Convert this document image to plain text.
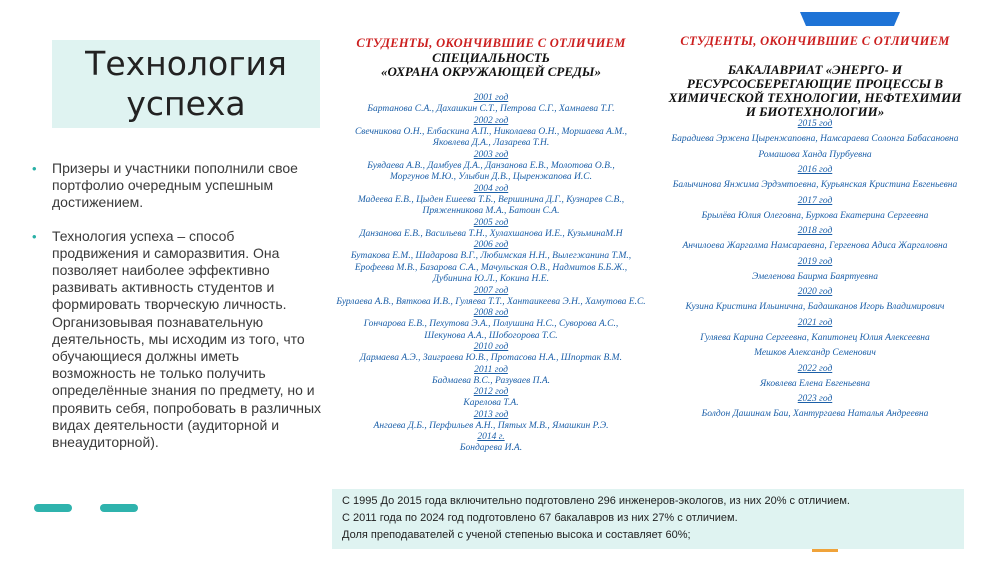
Технология
успеха
•	Призеры и участники пополнили свое портфолио очередным успешным достижением.
•	Технология успеха – способ продвижения и саморазвития. Она позволяет наиболее эффективно развивать активность студентов и формировать творческую личность. Организовывая познавательную деятельность, мы исходим из того, что обучающиеся должны иметь возможность не только получить определённые знания по предмету, но и проявить себя, попробовать в различных видах деятельности (аудиторной и внеаудиторной).
СТУДЕНТЫ, ОКОНЧИВШИЕ С ОТЛИЧИЕМ
СПЕЦИАЛЬНОСТЬ
«ОХРАНА ОКРУЖАЮЩЕЙ СРЕДЫ»
2001 год
Бартанова С.А., Дахашкин С.Т., Петрова С.Г., Хамнаева Т.Г.
2002 год
Свечникова О.Н., Елбаскина А.П., Николаева О.Н., Моршаева А.М.,
Яковлева Д.А., Лазарева Т.Н.
2003 год
Буядаева А.В., Дамбуев Д.А., Данзанова Е.В., Молотова О.В.,
Моргунов М.Ю., Улыбин Д.В., Цыренжапова И.С.
2004 год
Мадеева Е.В., Цыден Ешеева Т.Б., Вершинина Д.Г., Кузнарев С.В.,
Пряженникова М.А., Батоин С.А.
2005 год
Данзанова Е.В., Васильева Т.Н., Хулахшанова И.Е., КузьминаМ.Н
2006 год
Бутакова Е.М., Шадарова В.Г., Любимская Н.Н., Вылегжанина Т.М.,
Ерофеева М.В., Базарова С.А., Мачульская О.В., Надмитов Б.Б.Ж.,
Дубинина Ю.Л., Кокина Н.Е.
2007 год
Бурлаева А.В., Вяткова И.В., Гуляева Т.Т., Хантаикеева Э.Н., Хамутова Е.С.
2008 год
Гончарова Е.В., Пехутова Э.А., Полушина Н.С., Суворова А.С.,
Шекунова А.А., Шобогорова Т.С.
2010 год
Дармаева А.Э., Заиграева Ю.В., Протасова Н.А., Шпортак В.М.
2011 год
Бадмаева В.С., Разуваев П.А.
2012 год
Карелова Т.А.
2013 год
Ангаева Д.Б., Перфильев А.Н., Пятых М.В., Ямашкин Р.Э.
2014 г.
Бондарева И.А.
СТУДЕНТЫ, ОКОНЧИВШИЕ С ОТЛИЧИЕМ
БАКАЛАВРИАТ «ЭНЕРГО- И
РЕСУРСОСБЕРЕГАЮЩИЕ ПРОЦЕССЫ В
ХИМИЧЕСКОЙ ТЕХНОЛОГИИ, НЕФТЕХИМИИ
И БИОТЕХНОЛОГИИ»
2015 год
Барадиева Эржена Цыренжаповна, Намсараева Солонга Бабасановна
Ромашова Ханда Пурбуевна
2016 год
Балычинова Янжима Эрдэмтоевна, Курьянская Кристина Евгеньевна
2017 год
Брылёва Юлия Олеговна, Буркова Екатерина Сергеевна
2018 год
Анчилоева Жаргалма Намсараевна, Гергенова Адиса Жаргаловна
2019 год
Эмеленова Баирма Баяртуевна
2020 год
Кузина Кристина Ильинична, Бадашканов Игорь Владимирович
2021 год
Гуляева Карина Сергеевна, Капитонец Юлия Алексеевна
Мешков Александр Семенович
2022 год
Яковлева Елена Евгеньевна
2023 год
Болдон Дашинам Баи, Хантургаева Наталья Андреевна
С 1995 До 2015 года включительно подготовлено 296 инженеров-экологов, из них 20% с отличием.
С 2011 года по 2024 год подготовлено 67 бакалавров из них 27% с отличием.
Доля преподавателей с ученой степенью высока и составляет 60%;
